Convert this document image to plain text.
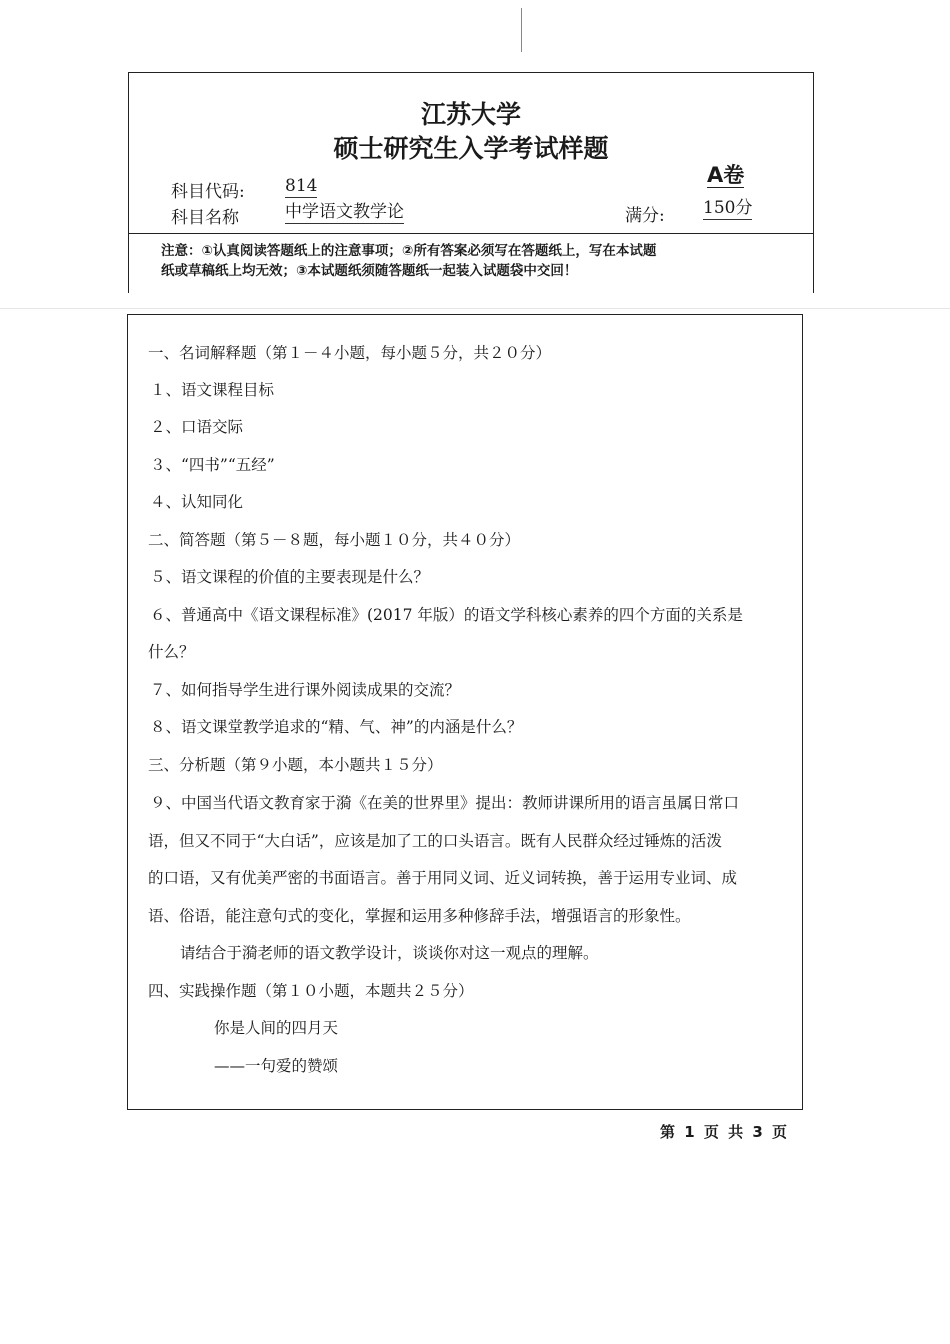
江苏大学
硕士研究生入学考试样题
A卷
科目代码: 814
科目名称	中学语文教学论	满分: 150分
注意：①认真阅读答题纸上的注意事项；②所有答案必须写在答题纸上，写在本试题
纸或草稿纸上均无效；③本试题纸须随答题纸一起装入试题袋中交回！
一、名词解释题（第１－４小题，每小题５分，共２０分）
１、语文课程目标
２、口语交际
３、“四书”“五经”
４、认知同化
二、简答题（第５－８题，每小题１０分，共４０分）
５、语文课程的价值的主要表现是什么？
６、普通高中《语文课程标准》(2017 年版）的语文学科核心素养的四个方面的关系是
什么？
７、如何指导学生进行课外阅读成果的交流？
８、语文课堂教学追求的“精、气、神”的内涵是什么？
三、分析题（第９小题，本小题共１５分）
９、中国当代语文教育家于漪《在美的世界里》提出：教师讲课所用的语言虽属日常口
语，但又不同于“大白话”，应该是加了工的口头语言。既有人民群众经过锤炼的活泼
的口语，又有优美严密的书面语言。善于用同义词、近义词转换，善于运用专业词、成
语、俗语，能注意句式的变化，掌握和运用多种修辞手法，增强语言的形象性。
请结合于漪老师的语文教学设计，谈谈你对这一观点的理解。
四、实践操作题（第１０小题，本题共２５分）
你是人间的四月天
——一句爱的赞颂
第 1 页 共 3 页
